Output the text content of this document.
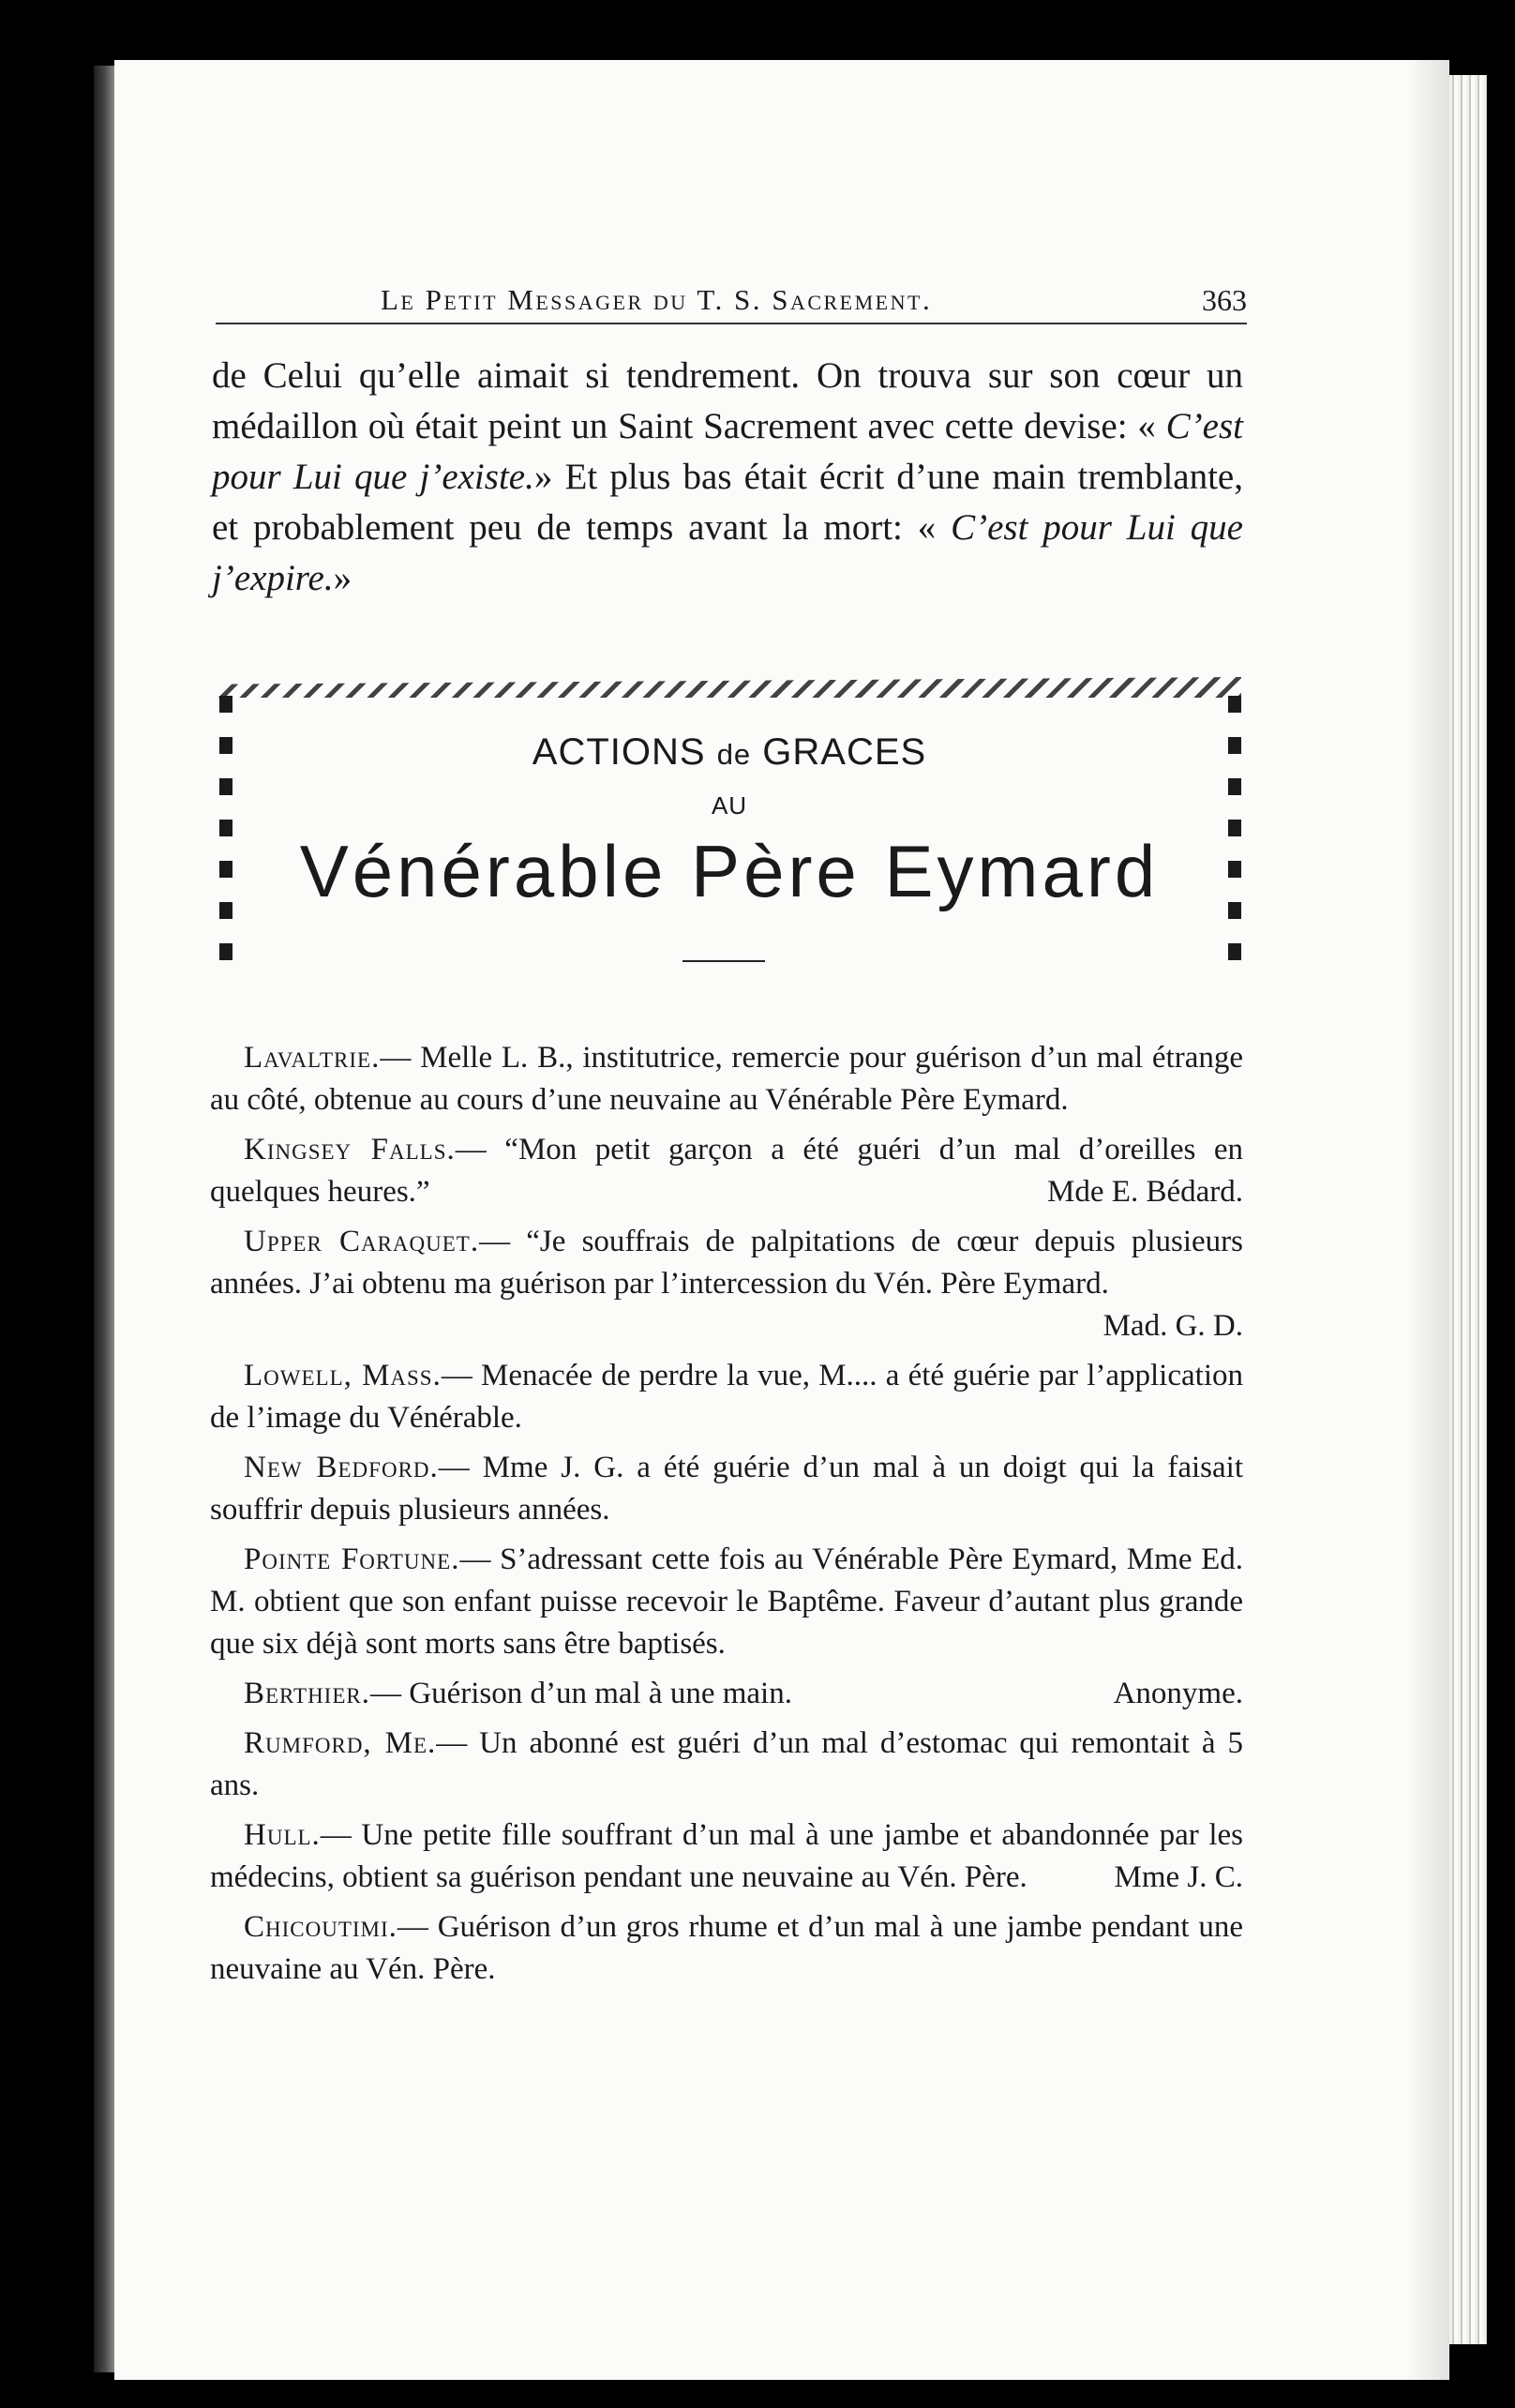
Le Petit Messager du T. S. Sacrement.	363

de Celui qu’elle aimait si tendrement. On trouva sur son cœur un médaillon où était peint un Saint Sacrement avec cette devise: « C’est pour Lui que j’existe.» Et plus bas était écrit d’une main tremblante, et probablement peu de temps avant la mort: « C’est pour Lui que j’expire.»

ACTIONS de GRACES
AU
Vénérable Père Eymard

Lavaltrie.— Melle L. B., institutrice, remercie pour guérison d’un mal étrange au côté, obtenue au cours d’une neuvaine au Vénérable Père Eymard.

Kingsey Falls.— “Mon petit garçon a été guéri d’un mal d’oreilles en quelques heures.”	Mde E. Bédard.

Upper Caraquet.— “Je souffrais de palpitations de cœur depuis plusieurs années. J’ai obtenu ma guérison par l’intercession du Vén. Père Eymard.
Mad. G. D.

Lowell, Mass.— Menacée de perdre la vue, M.... a été guérie par l’application de l’image du Vénérable.

New Bedford.— Mme J. G. a été guérie d’un mal à un doigt qui la faisait souffrir depuis plusieurs années.

Pointe Fortune.— S’adressant cette fois au Vénérable Père Eymard, Mme Ed. M. obtient que son enfant puisse recevoir le Baptême. Faveur d’autant plus grande que six déjà sont morts sans être baptisés.

Berthier.— Guérison d’un mal à une main.	Anonyme.

Rumford, Me.— Un abonné est guéri d’un mal d’estomac qui remontait à 5 ans.

Hull.— Une petite fille souffrant d’un mal à une jambe et abandonnée par les médecins, obtient sa guérison pendant une neuvaine au Vén. Père.	Mme J. C.

Chicoutimi.— Guérison d’un gros rhume et d’un mal à une jambe pendant une neuvaine au Vén. Père.
